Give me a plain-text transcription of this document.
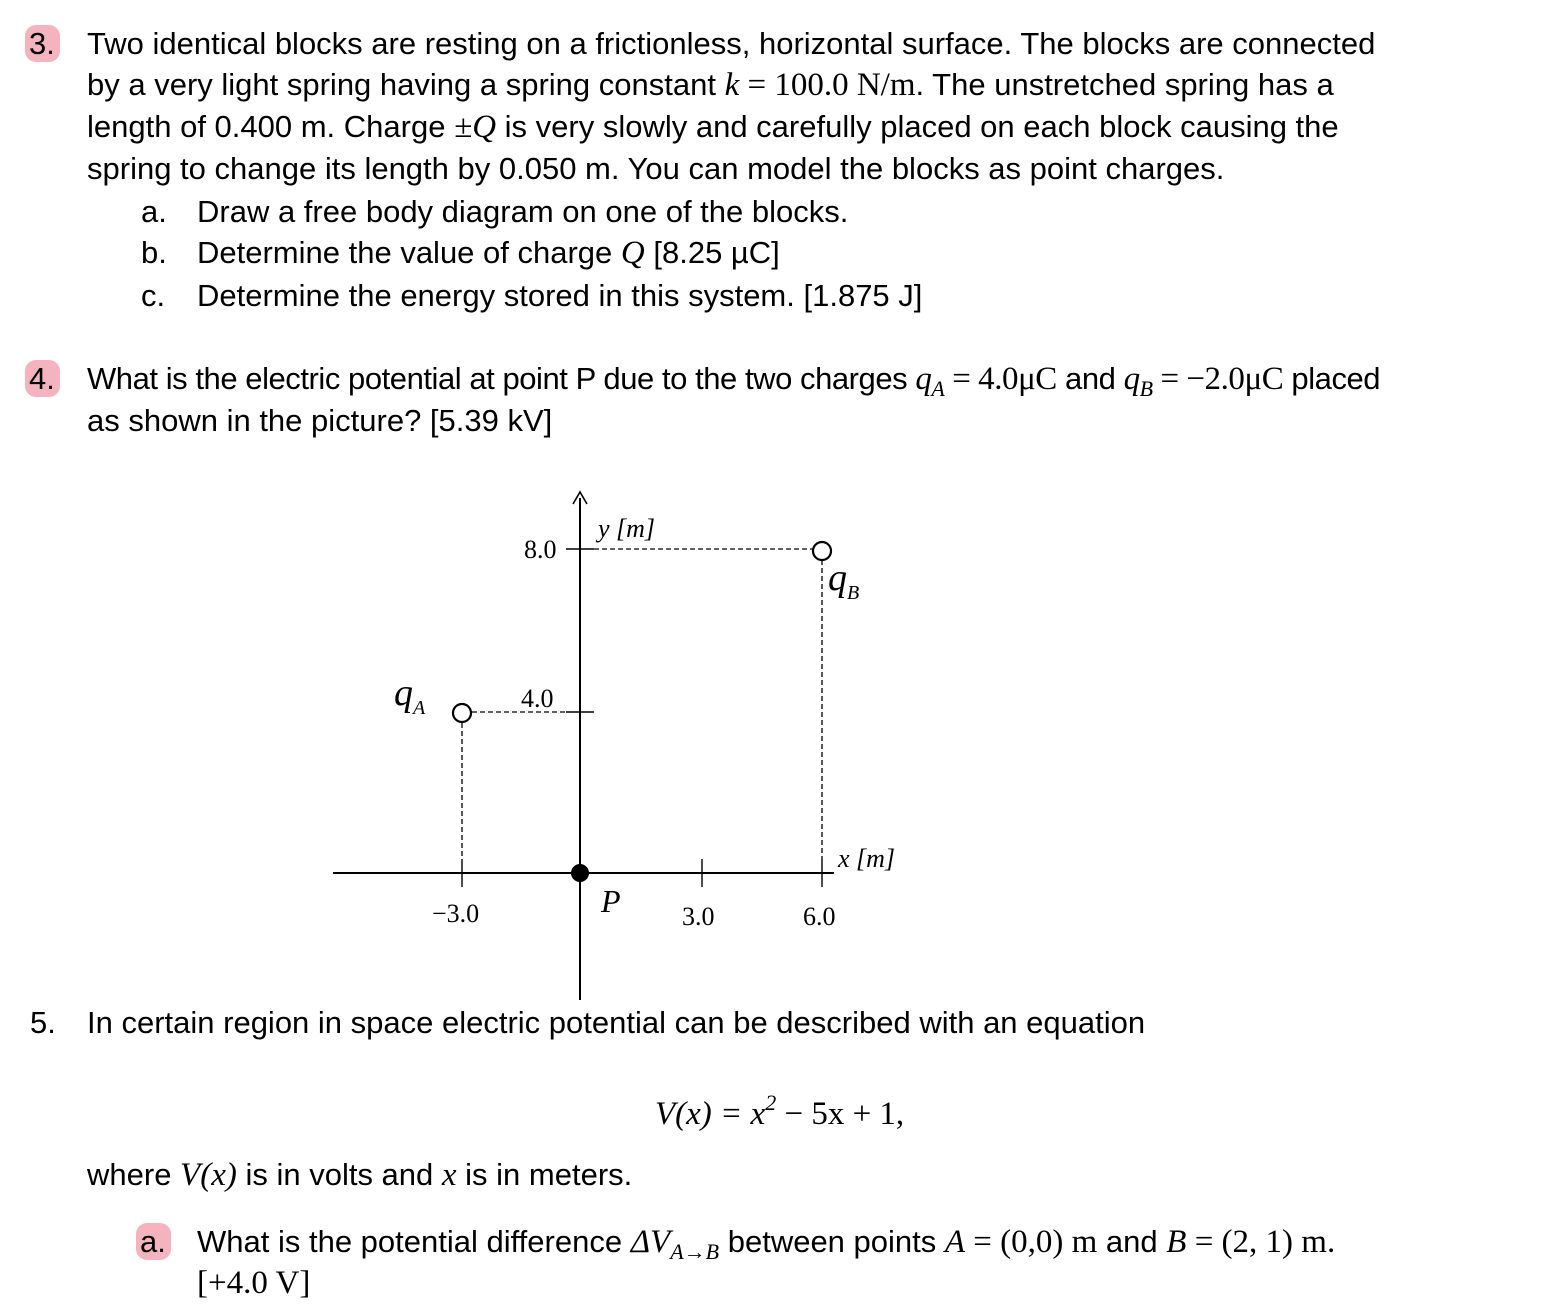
3. Two identical blocks are resting on a frictionless, horizontal surface. The blocks are connected
by a very light spring having a spring constant k = 100.0 N/m. The unstretched spring has a
length of 0.400 m. Charge ±Q is very slowly and carefully placed on each block causing the
spring to change its length by 0.050 m. You can model the blocks as point charges.
a. Draw a free body diagram on one of the blocks.
b. Determine the value of charge Q [8.25 µC]
c. Determine the energy stored in this system. [1.875 J]
4. What is the electric potential at point P due to the two charges $q_A = 4.0\mu C$ and $q_B = -2.0\mu C$ placed
as shown in the picture? [5.39 kV]
y [m]
x [m]
8.0
4.0
−3.0	3.0	6.0
P
$q_A$
$q_B$
5. In certain region in space electric potential can be described with an equation
$V(x) = x^2 - 5x + 1$,
where V(x) is in volts and x is in meters.
a. What is the potential difference $\Delta V_{A\to B}$ between points A = (0,0) m and B = (2, 1) m.
[+4.0 V]
